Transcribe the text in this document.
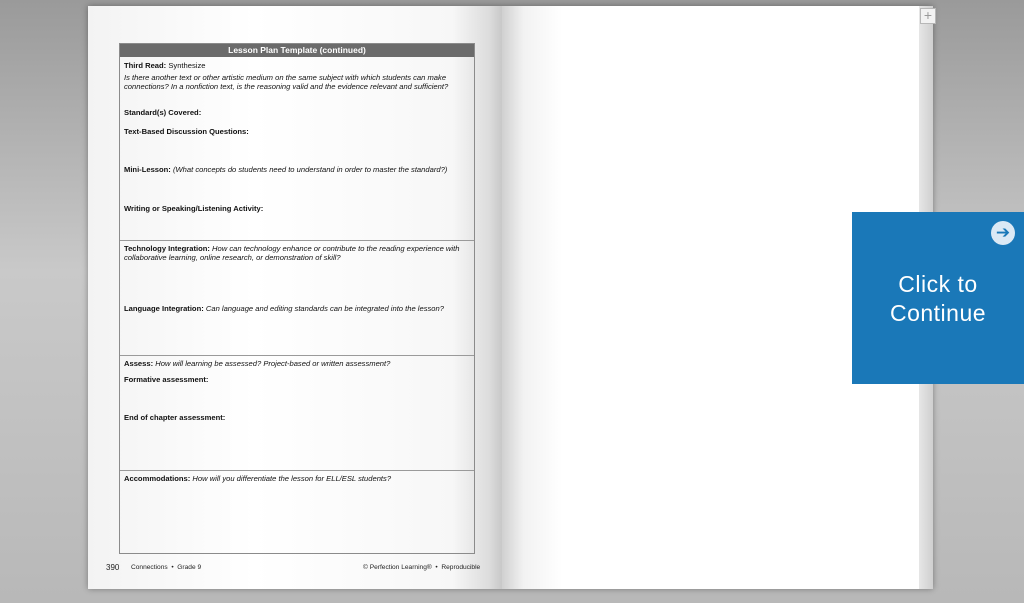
Lesson Plan Template (continued)
Third Read: Synthesize
Is there another text or other artistic medium on the same subject with which students can make connections? In a nonfiction text, is the reasoning valid and the evidence relevant and sufficient?
Standard(s) Covered:
Text-Based Discussion Questions:
Mini-Lesson: (What concepts do students need to understand in order to master the standard?)
Writing or Speaking/Listening Activity:
Technology Integration: How can technology enhance or contribute to the reading experience with collaborative learning, online research, or demonstration of skill?
Language Integration: Can language and editing standards can be integrated into the lesson?
Assess: How will learning be assessed? Project-based or written assessment?
Formative assessment:
End of chapter assessment:
Accommodations: How will you differentiate the lesson for ELL/ESL students?
390 Connections  •  Grade 9	© Perfection Learning®  •  Reproducible
+
➔
Click to Continue
